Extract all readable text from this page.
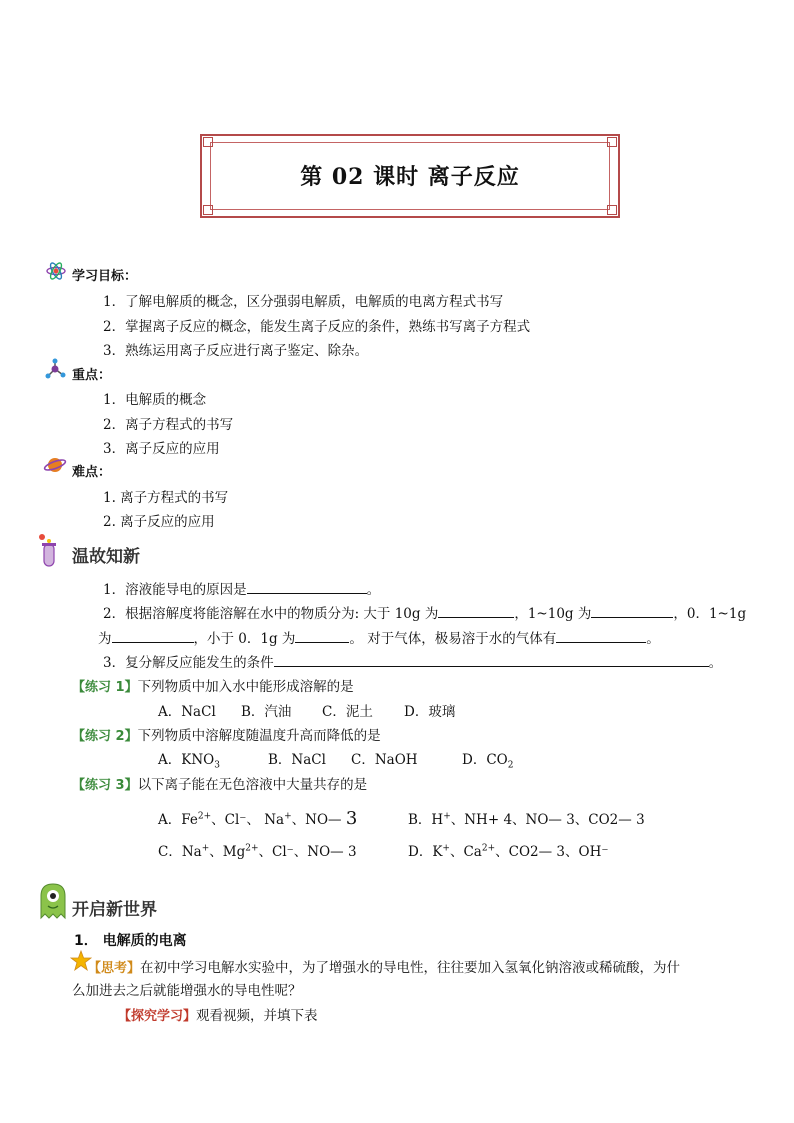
第 02 课时 离子反应
学习目标：
1．了解电解质的概念，区分强弱电解质，电解质的电离方程式书写
2．掌握离子反应的概念，能发生离子反应的条件，熟练书写离子方程式
3．熟练运用离子反应进行离子鉴定、除杂。
重点：
1．电解质的概念
2．离子方程式的书写
3．离子反应的应用
难点：
1. 离子方程式的书写
2. 离子反应的应用
温故知新
1．溶液能导电的原因是	。
2．根据溶解度将能溶解在水中的物质分为: 大于 10g 为	，1~10g 为	，0．1~1g
为	，小于 0．1g 为	。 对于气体，极易溶于水的气体有	。
3．复分解反应能发生的条件	。
【练习 1】下列物质中加入水中能形成溶解的是
A．NaCl B．汽油 C．泥土 D．玻璃
【练习 2】下列物质中溶解度随温度升高而降低的是
A．$KNO_3$	B．NaCl C．NaOH	D．$CO_2$
【练习 3】以下离子能在无色溶液中大量共存的是
A．$Fe^{2+}$、Cl⁻、 Na+、NO— 3	B．H+、NH+ 4、NO— 3、CO2— 3
C．Na+、$Mg^{2+}$、Cl⁻、NO— 3	D．K+、$Ca^{2+}$、CO2— 3、OH⁻
开启新世界
1． 电解质的电离
【思考】在初中学习电解水实验中，为了增强水的导电性，往往要加入氢氧化钠溶液或稀硫酸，为什
么加进去之后就能增强水的导电性呢？
【探究学习】观看视频，并填下表
